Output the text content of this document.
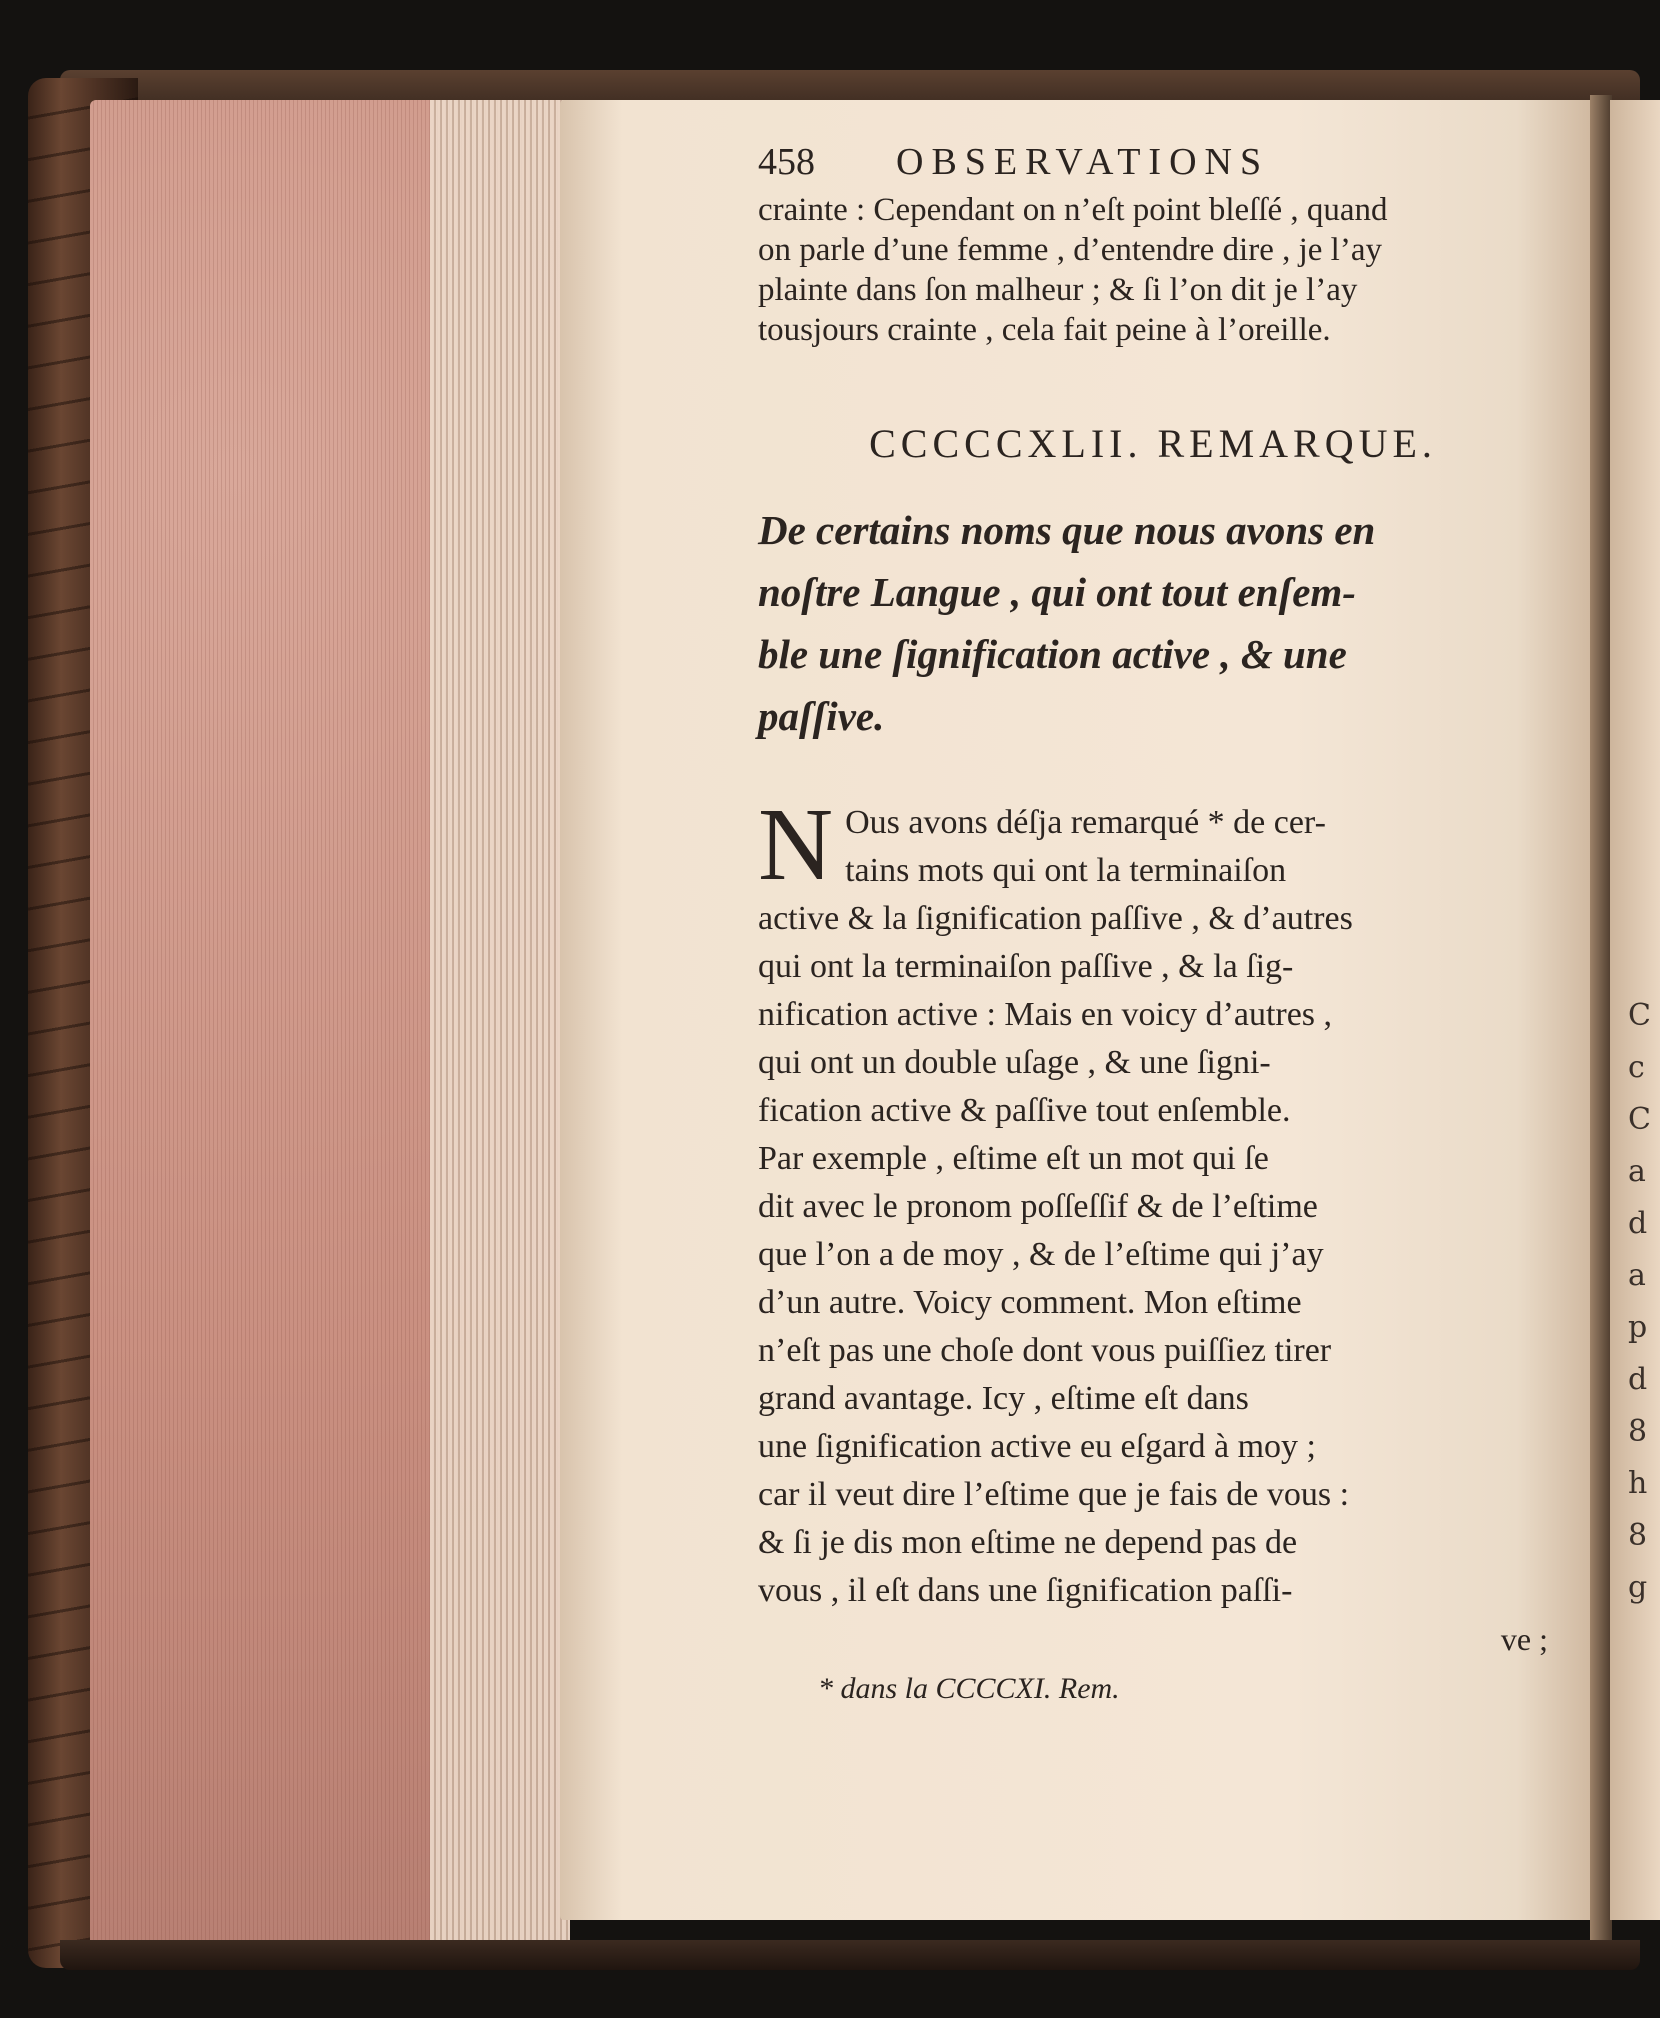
C
c
C
a
d
a
p
d
8
h
8
g
458	OBSERVATIONS

crainte : Cependant on n’eſt point bleſſé , quand

on parle d’une femme , d’entendre dire , je l’ay

plainte dans ſon malheur ; & ſi l’on dit je l’ay

tousjours crainte , cela fait peine à l’oreille.

CCCCCXLII. REMARQUE.

De certains noms que nous avons en

noſtre Langue , qui ont tout enſem-

ble une ſignification active , & une

paſſive.

N Ous avons déſja remarqué * de cer-

tains mots qui ont la terminaiſon

active & la ſignification paſſive , & d’autres

qui ont la terminaiſon paſſive , & la ſig-

nification active : Mais en voicy d’autres ,

qui ont un double uſage , & une ſigni-

fication active & paſſive tout enſemble.

Par exemple , eſtime eſt un mot qui ſe

dit avec le pronom poſſeſſif & de l’eſtime

que l’on a de moy , & de l’eſtime qui j’ay

d’un autre. Voicy comment. Mon eſtime

n’eſt pas une choſe dont vous puiſſiez tirer

grand avantage. Icy , eſtime eſt dans

une ſignification active eu eſgard à moy ;

car il veut dire l’eſtime que je fais de vous :

& ſi je dis mon eſtime ne depend pas de

vous , il eſt dans une ſignification paſſi-

ve ;
* dans la CCCCXI. Rem.
